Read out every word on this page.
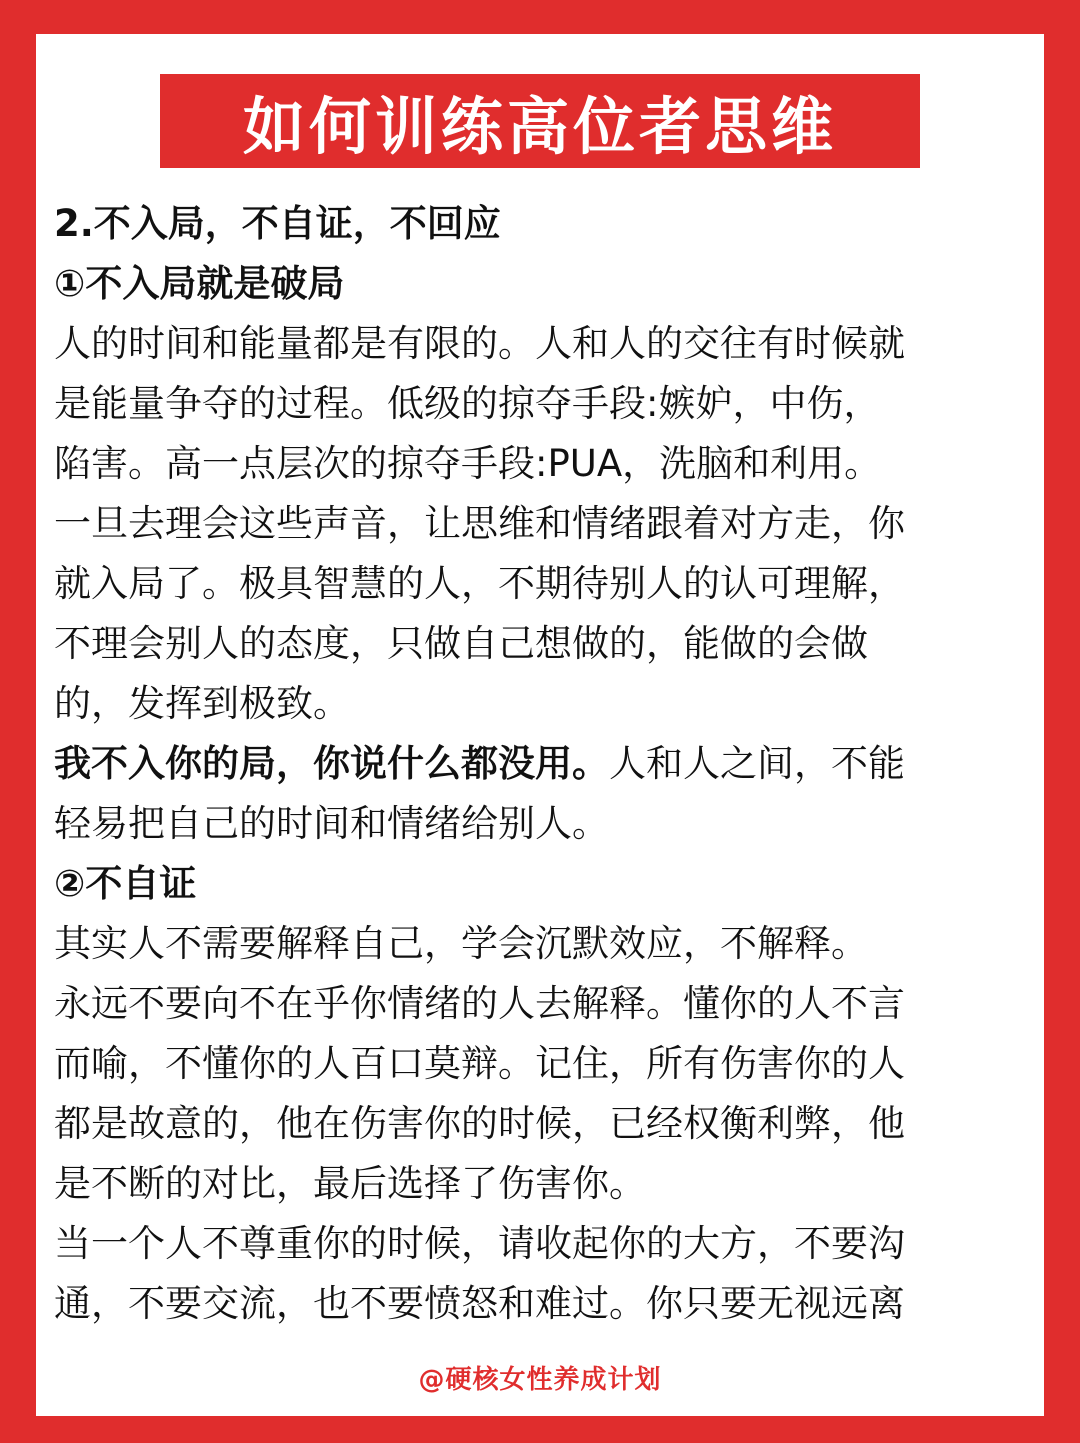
如何训练高位者思维
2.不入局，不自证，不回应
①不入局就是破局
人的时间和能量都是有限的。人和人的交往有时候就
是能量争夺的过程。低级的掠夺手段:嫉妒，中伤，
陷害。高一点层次的掠夺手段:PUA，洗脑和利用。
一旦去理会这些声音，让思维和情绪跟着对方走，你
就入局了。极具智慧的人，不期待别人的认可理解，
不理会别人的态度，只做自己想做的，能做的会做
的，发挥到极致。
我不入你的局，你说什么都没用。人和人之间，不能
轻易把自己的时间和情绪给别人。
②不自证
其实人不需要解释自己，学会沉默效应，不解释。
永远不要向不在乎你情绪的人去解释。懂你的人不言
而喻，不懂你的人百口莫辩。记住，所有伤害你的人
都是故意的，他在伤害你的时候，已经权衡利弊，他
是不断的对比，最后选择了伤害你。
当一个人不尊重你的时候，请收起你的大方，不要沟
通，不要交流，也不要愤怒和难过。你只要无视远离
@硬核女性养成计划
